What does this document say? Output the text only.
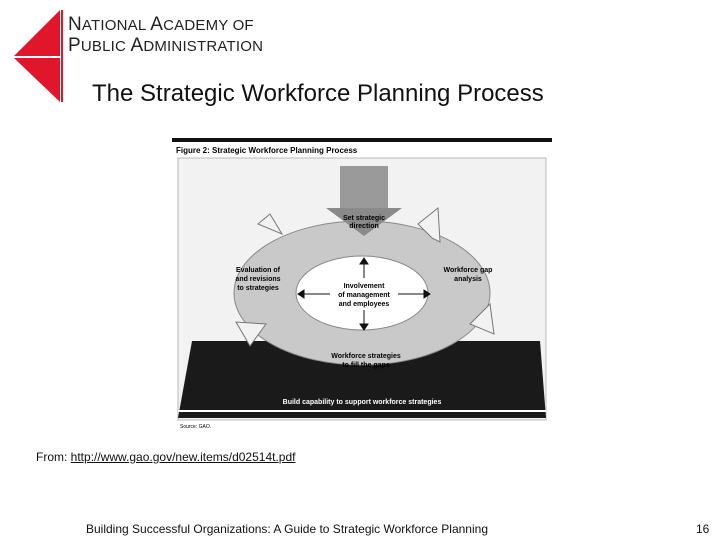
NATIONAL ACADEMY OF
PUBLIC ADMINISTRATION
The Strategic Workforce Planning Process
Figure 2: Strategic Workforce Planning Process
Build capability to support workforce strategies
Set strategic
direction
Evaluation of
and revisions
to strategies
Workforce gap
analysis
Workforce strategies
to fill the gaps
Involvement
of management
and employees
Source: GAO.
From: http://www.gao.gov/new.items/d02514t.pdf
Building Successful Organizations: A Guide to Strategic Workforce Planning	16
